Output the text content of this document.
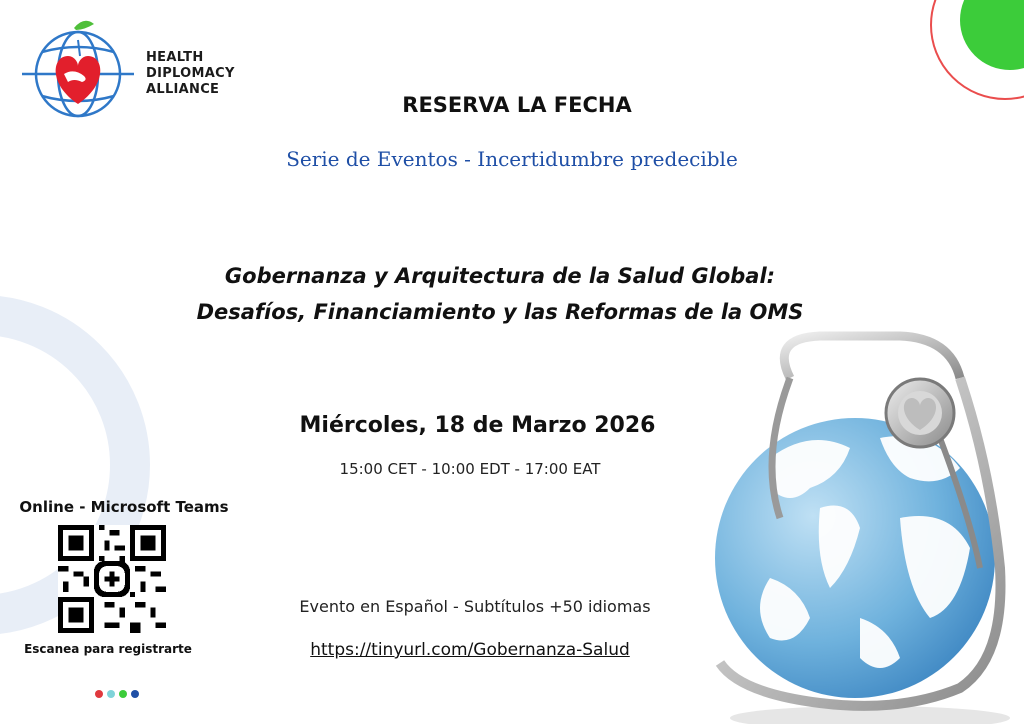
HEALTH
DIPLOMACY
ALLIANCE
RESERVA LA FECHA
Serie de Eventos - Incertidumbre predecible
Gobernanza y Arquitectura de la Salud Global:
Desafíos, Financiamiento y las Reformas de la OMS
Miércoles, 18 de Marzo 2026
15:00 CET - 10:00 EDT - 17:00 EAT
Online - Microsoft Teams
Escanea para registrarte
Evento en Español - Subtítulos +50 idiomas
https://tinyurl.com/Gobernanza-Salud
